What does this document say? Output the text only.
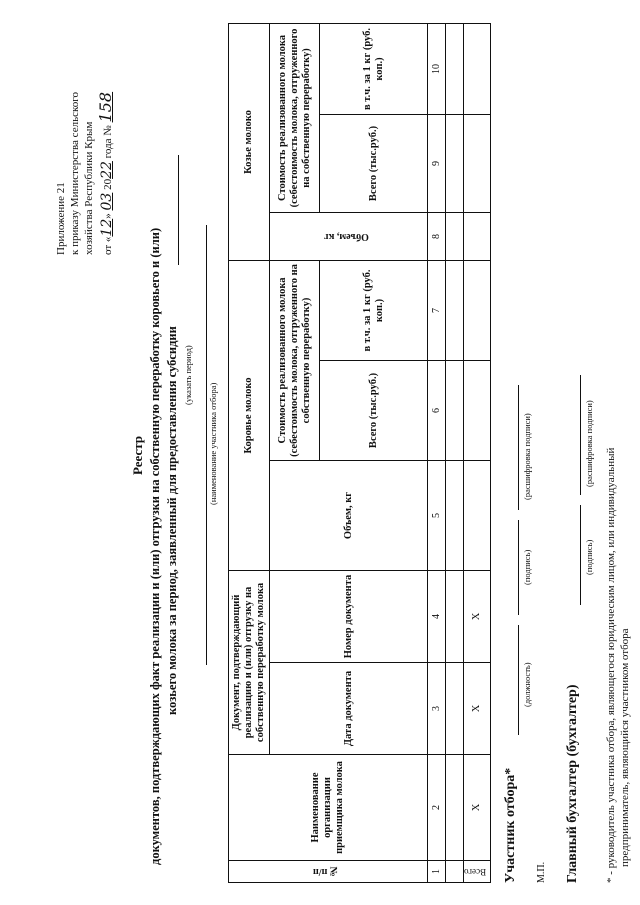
Приложение 21 к приказу Министерства сельского хозяйства Республики Крым от «12» 03 2022 года № 158
Реестр документов, подтверждающих факт реализации и (или) отгрузки на собственную переработку коровьего и (или) козьего молока за период, заявленный для предоставления субсидии (указать период)
(наименование участника отбора)
№п/п	Наименование организации приемщика молока	Документ, подтверждающий реализацию и (или) отгрузку на собственную переработку молока		Коровье молоко			Козье молоко		
		Дата документа	Номер документа	Объем, кг	Стоимость реализованного молока (себестоимость молока, отгруженного на собственную переработку)		Объем, кг	Стоимость реализованного молока (себестоимость молока, отгруженного на собственную переработку)	
					Всего (тыс.руб.)	в т.ч. за 1 кг (руб. коп.)		Всего (тыс.руб.)	в т.ч. за 1 кг (руб. коп.)
1	2	3	4	5	6	7	8	9	10

Всего	X	X	X						
Участник отбора*
(должность)
(подпись)
(расшифровка подписи)
М.П. Главный бухгалтер (бухгалтер)
(подпись)
(расшифровка подписи)
* - руководитель участника отбора, являющегося юридическим лицом, или индивидуальный предприниматель, являющийся участником отбора
